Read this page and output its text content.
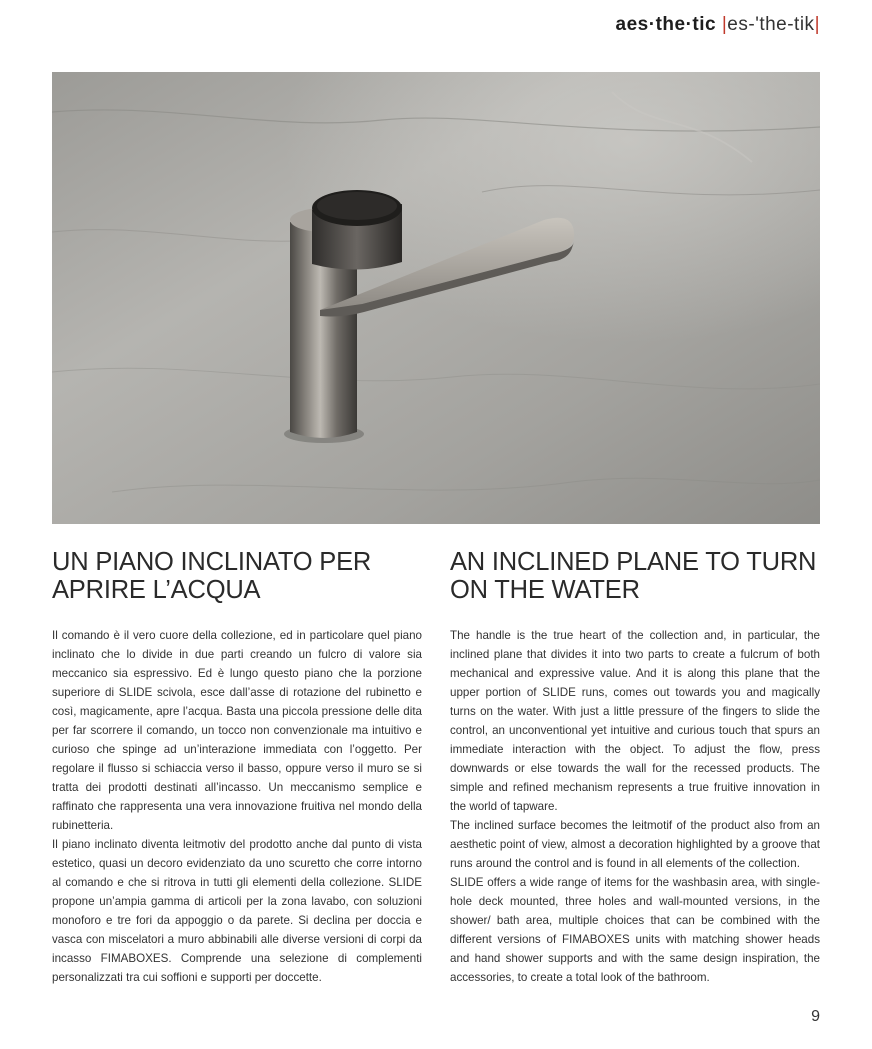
aes·the·tic |es-'the-tik|
UN PIANO INCLINATO PER
APRIRE L’ACQUA

Il comando è il vero cuore della collezione, ed in particolare quel piano inclinato che lo divide in due parti creando un fulcro di valore sia meccanico sia espressivo. Ed è lungo questo piano che la porzione superiore di SLIDE scivola, esce dall’asse di rotazione del rubinetto e così, magicamente, apre l’acqua. Basta una piccola pressione delle dita per far scorrere il comando, un tocco non convenzionale ma intuitivo e curioso che spinge ad un’interazione immediata con l’oggetto. Per regolare il flusso si schiaccia verso il basso, oppure verso il muro se si tratta dei prodotti destinati all’incasso. Un meccanismo semplice e raffinato che rappresenta una vera innovazione fruitiva nel mondo della rubinetteria.

Il piano inclinato diventa leitmotiv del prodotto anche dal punto di vista estetico, quasi un decoro evidenziato da uno scuretto che corre intorno al comando e che si ritrova in tutti gli elementi della collezione. SLIDE propone un’ampia gamma di articoli per la zona lavabo, con soluzioni monoforo e tre fori da appoggio o da parete. Si declina per doccia e vasca con miscelatori a muro abbinabili alle diverse versioni di corpi da incasso FIMABOXES. Comprende una selezione di complementi personalizzati tra cui soffioni e supporti per doccette.

AN INCLINED PLANE TO TURN
ON THE WATER

The handle is the true heart of the collection and, in particular, the inclined plane that divides it into two parts to create a fulcrum of both mechanical and expressive value. And it is along this plane that the upper portion of SLIDE runs, comes out towards you and magically turns on the water. With just a little pressure of the fingers to slide the control, an unconventional yet intuitive and curious touch that spurs an immediate interaction with the object. To adjust the flow, press downwards or else towards the wall for the recessed products. The simple and refined mechanism represents a true fruitive innovation in the world of tapware.

The inclined surface becomes the leitmotif of the product also from an aesthetic point of view, almost a decoration highlighted by a groove that runs around the control and is found in all elements of the collection.

SLIDE offers a wide range of items for the washbasin area, with single-hole deck mounted, three holes and wall-mounted versions, in the shower/ bath area, multiple choices that can be combined with the different versions of FIMABOXES units with matching shower heads and hand shower supports and with the same design inspiration, the accessories, to create a total look of the bathroom.

9
